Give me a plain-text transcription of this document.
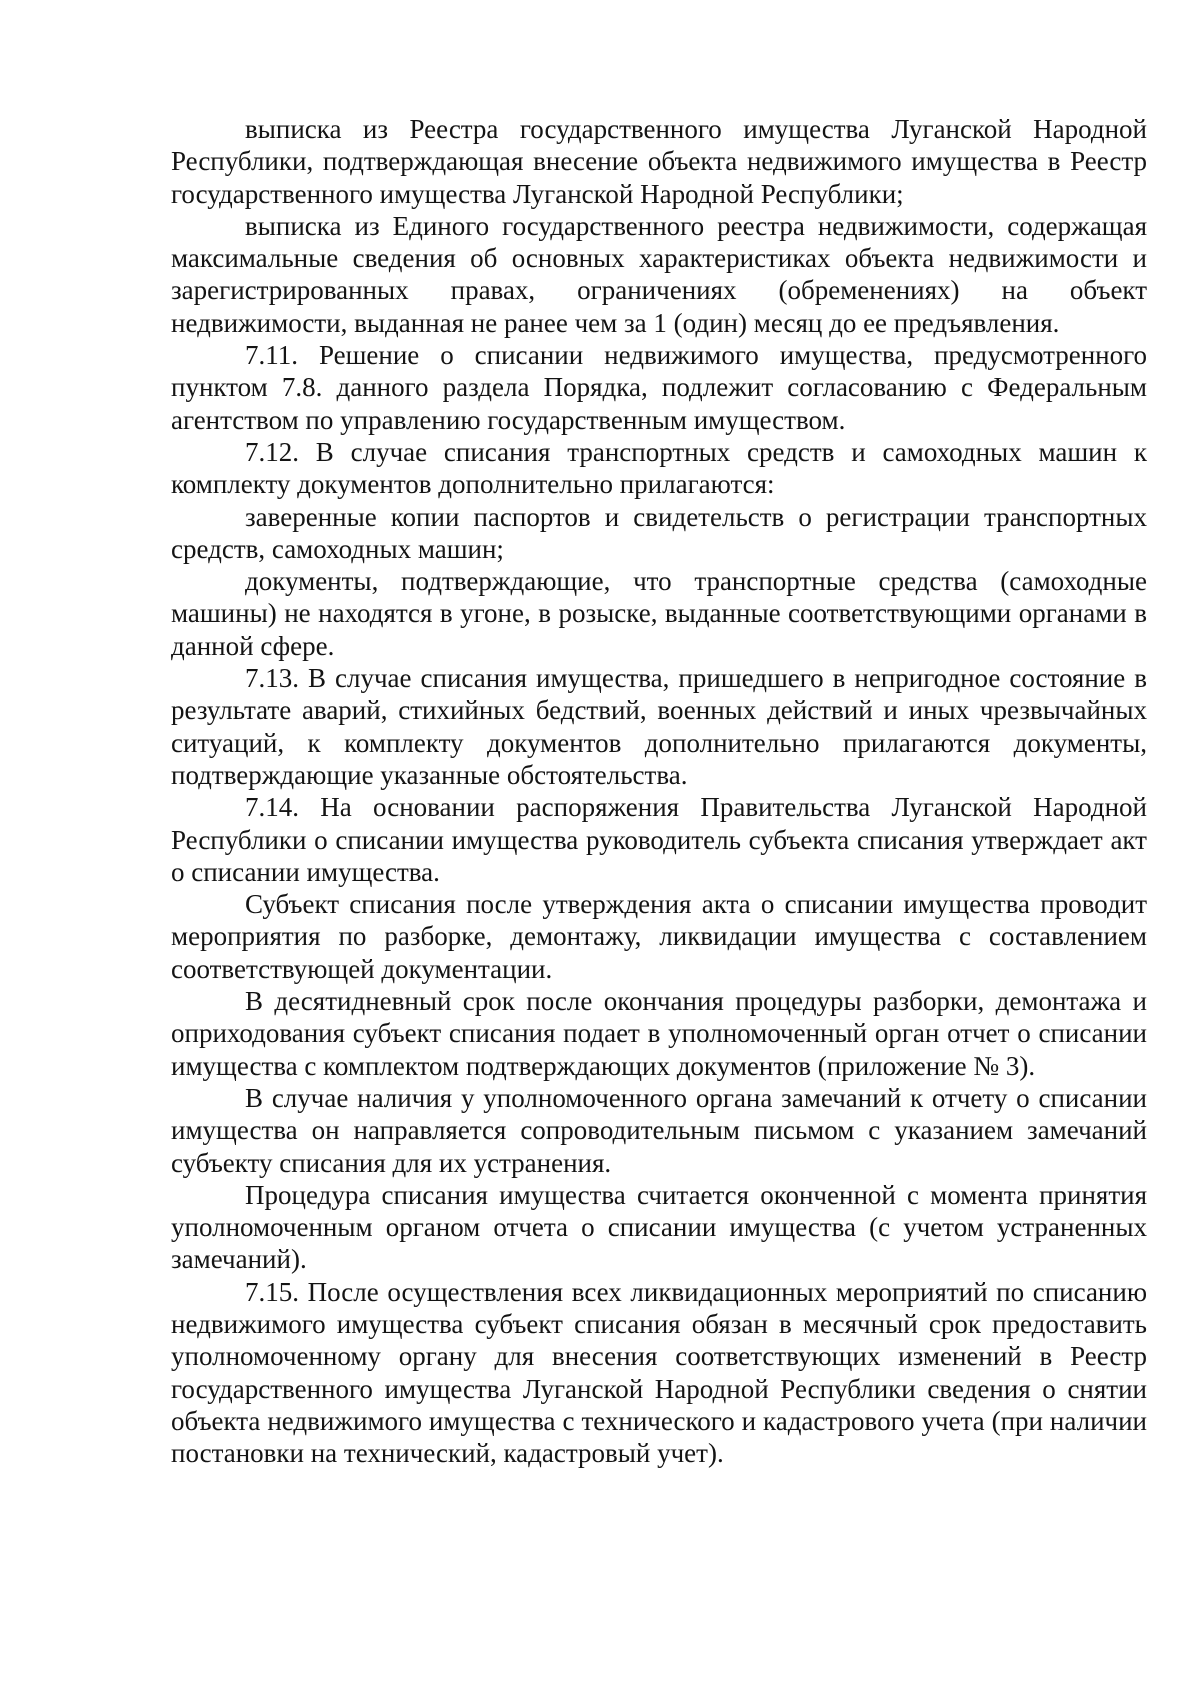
выписка из Реестра государственного имущества Луганской Народной Республики, подтверждающая внесение объекта недвижимого имущества в Реестр государственного имущества Луганской Народной Республики;

выписка из Единого государственного реестра недвижимости, содержащая максимальные сведения об основных характеристиках объекта недвижимости и зарегистрированных правах, ограничениях (обременениях) на объект недвижимости, выданная не ранее чем за 1 (один) месяц до ее предъявления.

7.11. Решение о списании недвижимого имущества, предусмотренного пунктом 7.8. данного раздела Порядка, подлежит согласованию с Федеральным агентством по управлению государственным имуществом.

7.12. В случае списания транспортных средств и самоходных машин к комплекту документов дополнительно прилагаются:

заверенные копии паспортов и свидетельств о регистрации транспортных средств, самоходных машин;

документы, подтверждающие, что транспортные средства (самоходные машины) не находятся в угоне, в розыске, выданные соответствующими органами в данной сфере.

7.13. В случае списания имущества, пришедшего в непригодное состояние в результате аварий, стихийных бедствий, военных действий и иных чрезвычайных ситуаций, к комплекту документов дополнительно прилагаются документы, подтверждающие указанные обстоятельства.

7.14. На основании распоряжения Правительства Луганской Народной Республики о списании имущества руководитель субъекта списания утверждает акт о списании имущества.

Субъект списания после утверждения акта о списании имущества проводит мероприятия по разборке, демонтажу, ликвидации имущества с составлением соответствующей документации.

В десятидневный срок после окончания процедуры разборки, демонтажа и оприходования субъект списания подает в уполномоченный орган отчет о списании имущества с комплектом подтверждающих документов (приложение № 3).

В случае наличия у уполномоченного органа замечаний к отчету о списании имущества он направляется сопроводительным письмом с указанием замечаний субъекту списания для их устранения.

Процедура списания имущества считается оконченной с момента принятия уполномоченным органом отчета о списании имущества (с учетом устраненных замечаний).

7.15. После осуществления всех ликвидационных мероприятий по списанию недвижимого имущества субъект списания обязан в месячный срок предоставить уполномоченному органу для внесения соответствующих изменений в Реестр государственного имущества Луганской Народной Республики сведения о снятии объекта недвижимого имущества с технического и кадастрового учета (при наличии постановки на технический, кадастровый учет).
